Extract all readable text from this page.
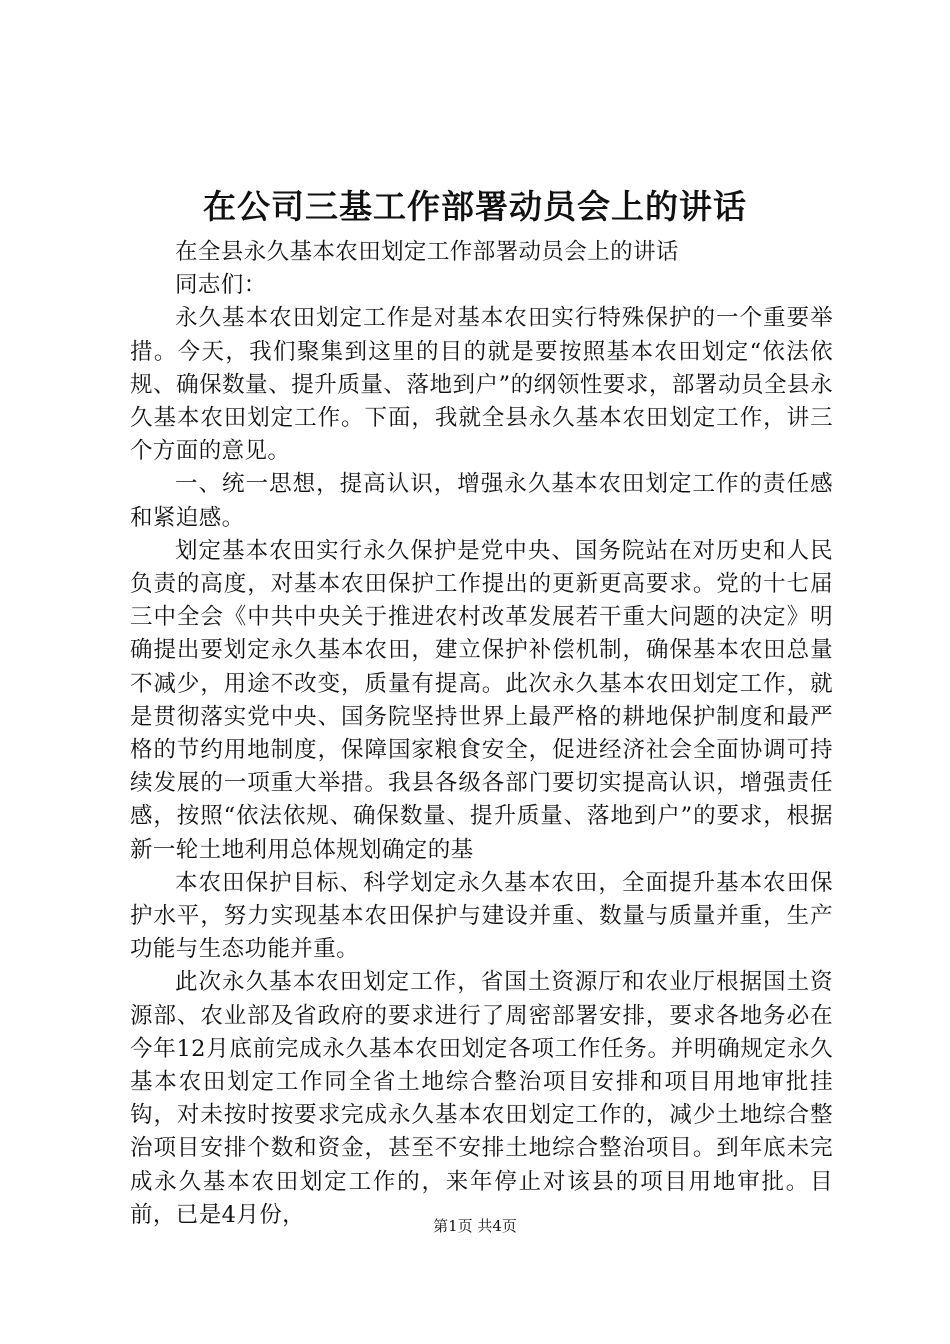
在公司三基工作部署动员会上的讲话

在全县永久基本农田划定工作部署动员会上的讲话

同志们：

永久基本农田划定工作是对基本农田实行特殊保护的一个重要举措。今天，我们聚集到这里的目的就是要按照基本农田划定“依法依规、确保数量、提升质量、落地到户”的纲领性要求，部署动员全县永久基本农田划定工作。下面，我就全县永久基本农田划定工作，讲三个方面的意见。

一、统一思想，提高认识，增强永久基本农田划定工作的责任感和紧迫感。

划定基本农田实行永久保护是党中央、国务院站在对历史和人民负责的高度，对基本农田保护工作提出的更新更高要求。党的十七届三中全会《中共中央关于推进农村改革发展若干重大问题的决定》明确提出要划定永久基本农田，建立保护补偿机制，确保基本农田总量不减少，用途不改变，质量有提高。此次永久基本农田划定工作，就是贯彻落实党中央、国务院坚持世界上最严格的耕地保护制度和最严格的节约用地制度，保障国家粮食安全，促进经济社会全面协调可持续发展的一项重大举措。我县各级各部门要切实提高认识，增强责任感，按照“依法依规、确保数量、提升质量、落地到户”的要求，根据新一轮土地利用总体规划确定的基

本农田保护目标、科学划定永久基本农田，全面提升基本农田保护水平，努力实现基本农田保护与建设并重、数量与质量并重，生产功能与生态功能并重。

此次永久基本农田划定工作，省国土资源厅和农业厅根据国土资源部、农业部及省政府的要求进行了周密部署安排，要求各地务必在今年12月底前完成永久基本农田划定各项工作任务。并明确规定永久基本农田划定工作同全省土地综合整治项目安排和项目用地审批挂钩，对未按时按要求完成永久基本农田划定工作的，减少土地综合整治项目安排个数和资金，甚至不安排土地综合整治项目。到年底未完成永久基本农田划定工作的，来年停止对该县的项目用地审批。目前，已是4月份，	第1页 共4页
